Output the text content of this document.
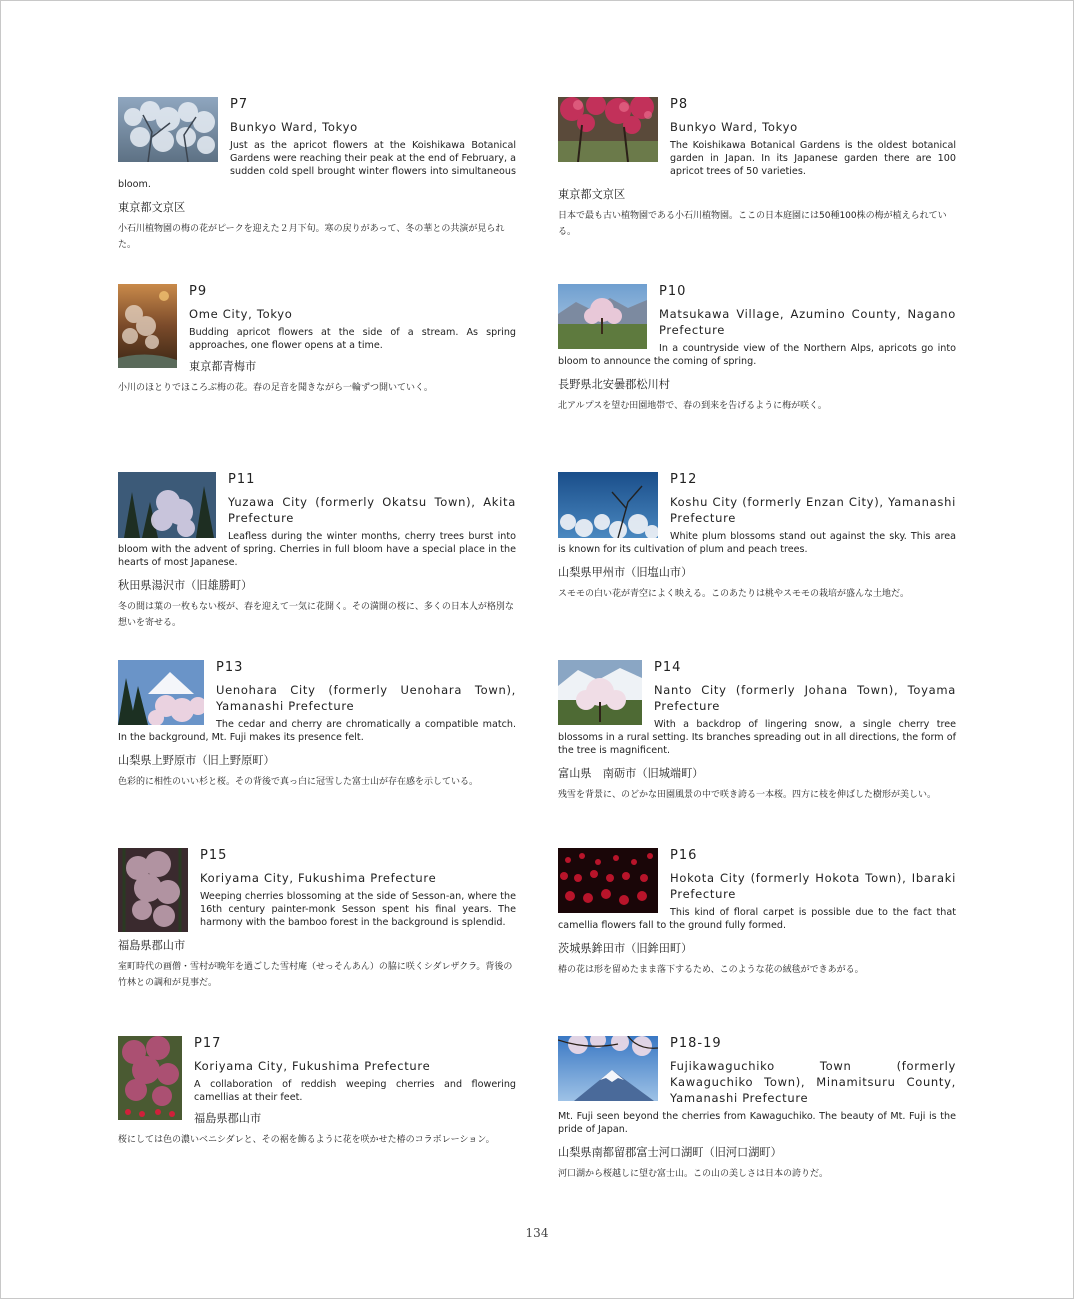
P7
Bunkyo Ward, Tokyo

Just as the apricot flowers at the Koishikawa Botanical Gardens were reaching their peak at the end of February, a sudden cold spell brought winter flowers into simultaneous bloom.

東京都文京区

小石川植物園の梅の花がピークを迎えた２月下旬。寒の戻りがあって、冬の華との共演が見られた。

P8
Bunkyo Ward, Tokyo

The Koishikawa Botanical Gardens is the oldest botanical garden in Japan. In its Japanese garden there are 100 apricot trees of 50 varieties.

東京都文京区

日本で最も古い植物園である小石川植物園。ここの日本庭園には50種100株の梅が植えられている。

P9
Ome City, Tokyo

Budding apricot flowers at the side of a stream. As spring approaches, one flower opens at a time.

東京都青梅市

小川のほとりでほころぶ梅の花。春の足音を聞きながら一輪ずつ開いていく。

P10
Matsukawa Village, Azumino County, Nagano Prefecture

In a countryside view of the Northern Alps, apricots go into bloom to announce the coming of spring.

長野県北安曇郡松川村

北アルプスを望む田園地帯で、春の到来を告げるように梅が咲く。

P11
Yuzawa City (formerly Okatsu Town), Akita Prefecture

Leafless during the winter months, cherry trees burst into bloom with the advent of spring. Cherries in full bloom have a special place in the hearts of most Japanese.

秋田県湯沢市（旧雄勝町）

冬の間は葉の一枚もない桜が、春を迎えて一気に花開く。その満開の桜に、多くの日本人が格別な想いを寄せる。

P12
Koshu City (formerly Enzan City), Yamanashi Prefecture

White plum blossoms stand out against the sky. This area is known for its cultivation of plum and peach trees.

山梨県甲州市（旧塩山市）

スモモの白い花が青空によく映える。このあたりは桃やスモモの栽培が盛んな土地だ。

P13
Uenohara City (formerly Uenohara Town), Yamanashi Prefecture

The cedar and cherry are chromatically a compatible match. In the background, Mt. Fuji makes its presence felt.

山梨県上野原市（旧上野原町）

色彩的に相性のいい杉と桜。その背後で真っ白に冠雪した富士山が存在感を示している。

P14
Nanto City (formerly Johana Town), Toyama Prefecture

With a backdrop of lingering snow, a single cherry tree blossoms in a rural setting. Its branches spreading out in all directions, the form of the tree is magnificent.

富山県　南砺市（旧城端町）

残雪を背景に、のどかな田園風景の中で咲き誇る一本桜。四方に枝を伸ばした樹形が美しい。

P15
Koriyama City, Fukushima Prefecture

Weeping cherries blossoming at the side of Sesson-an, where the 16th century painter-monk Sesson spent his final years. The harmony with the bamboo forest in the background is splendid.

福島県郡山市

室町時代の画僧・雪村が晩年を過ごした雪村庵（せっそんあん）の脇に咲くシダレザクラ。背後の竹林との調和が見事だ。

P16
Hokota City (formerly Hokota Town), Ibaraki Prefecture

This kind of floral carpet is possible due to the fact that camellia flowers fall to the ground fully formed.

茨城県鉾田市（旧鉾田町）

椿の花は形を留めたまま落下するため、このような花の絨毯ができあがる。

P17
Koriyama City, Fukushima Prefecture

A collaboration of reddish weeping cherries and flowering camellias at their feet.

福島県郡山市

桜にしては色の濃いベニシダレと、その裾を飾るように花を咲かせた椿のコラボレーション。

P18-19
Fujikawaguchiko Town (formerly Kawaguchiko Town), Minamitsuru County, Yamanashi Prefecture

Mt. Fuji seen beyond the cherries from Kawaguchiko. The beauty of Mt. Fuji is the pride of Japan.

山梨県南都留郡富士河口湖町（旧河口湖町）

河口湖から桜越しに望む富士山。この山の美しさは日本の誇りだ。

134
